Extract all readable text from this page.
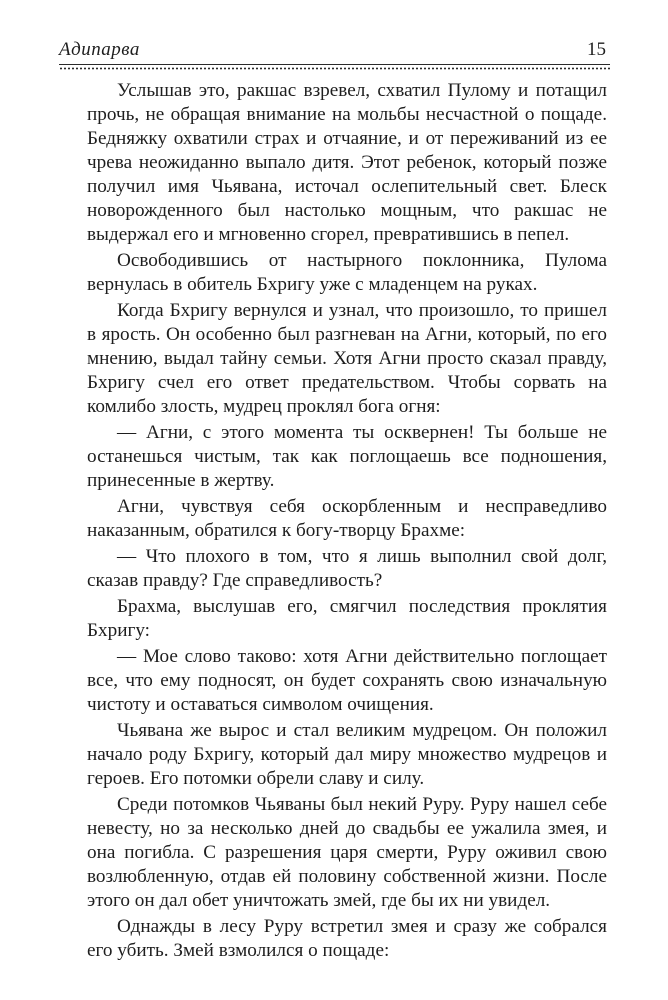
Адипарва	15

Услышав это, ракшас взревел, схватил Пулому и потащил прочь, не обращая внимание на мольбы несчастной о пощаде. Бедняжку охватили страх и отчаяние, и от переживаний из ее чрева неожиданно выпало дитя. Этот ребенок, который позже получил имя Чьявана, источал ослепительный свет. Блеск новорожденного был настолько мощным, что ракшас не выдержал его и мгновенно сгорел, превратившись в пепел.

Освободившись от настырного поклонника, Пулома вернулась в обитель Бхригу уже с младенцем на руках.

Когда Бхригу вернулся и узнал, что произошло, то пришел в ярость. Он особенно был разгневан на Агни, который, по его мнению, выдал тайну семьи. Хотя Агни просто сказал правду, Бхригу счел его ответ предательством. Чтобы сорвать на комлибо злость, мудрец проклял бога огня:

— Агни, с этого момента ты осквернен! Ты больше не останешься чистым, так как поглощаешь все подношения, принесенные в жертву.

Агни, чувствуя себя оскорбленным и несправедливо наказанным, обратился к богу-творцу Брахме:

— Что плохого в том, что я лишь выполнил свой долг, сказав правду? Где справедливость?

Брахма, выслушав его, смягчил последствия проклятия Бхригу:

— Мое слово таково: хотя Агни действительно поглощает все, что ему подносят, он будет сохранять свою изначальную чистоту и оставаться символом очищения.

Чьявана же вырос и стал великим мудрецом. Он положил начало роду Бхригу, который дал миру множество мудрецов и героев. Его потомки обрели славу и силу.

Среди потомков Чьяваны был некий Руру. Руру нашел себе невесту, но за несколько дней до свадьбы ее ужалила змея, и она погибла. С разрешения царя смерти, Руру оживил свою возлюбленную, отдав ей половину собственной жизни. После этого он дал обет уничтожать змей, где бы их ни увидел.

Однажды в лесу Руру встретил змея и сразу же собрался его убить. Змей взмолился о пощаде:
